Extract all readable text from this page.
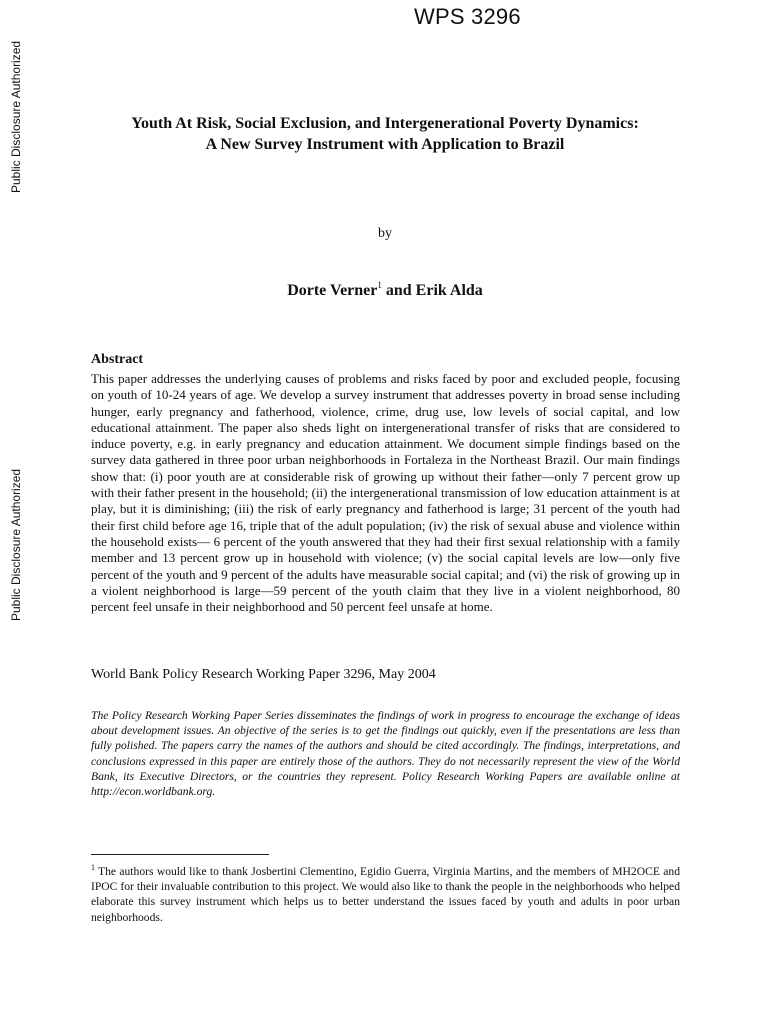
WPS 3296
Public Disclosure Authorized
Public Disclosure Authorized
Youth At Risk, Social Exclusion, and Intergenerational Poverty Dynamics:
A New Survey Instrument with Application to Brazil
by
Dorte Verner$^1$ and Erik Alda
Abstract
This paper addresses the underlying causes of problems and risks faced by poor and excluded people, focusing on youth of 10-24 years of age. We develop a survey instrument that addresses poverty in broad sense including hunger, early pregnancy and fatherhood, violence, crime, drug use, low levels of social capital, and low educational attainment. The paper also sheds light on intergenerational transfer of risks that are considered to induce poverty, e.g. in early pregnancy and education attainment. We document simple findings based on the survey data gathered in three poor urban neighborhoods in Fortaleza in the Northeast Brazil. Our main findings show that: (i) poor youth are at considerable risk of growing up without their father—only 7 percent grow up with their father present in the household; (ii) the intergenerational transmission of low education attainment is at play, but it is diminishing; (iii) the risk of early pregnancy and fatherhood is large; 31 percent of the youth had their first child before age 16, triple that of the adult population; (iv) the risk of sexual abuse and violence within the household exists— 6 percent of the youth answered that they had their first sexual relationship with a family member and 13 percent grow up in household with violence; (v) the social capital levels are low—only five percent of the youth and 9 percent of the adults have measurable social capital; and (vi) the risk of growing up in a violent neighborhood is large—59 percent of the youth claim that they live in a violent neighborhood, 80 percent feel unsafe in their neighborhood and 50 percent feel unsafe at home.
World Bank Policy Research Working Paper 3296, May 2004
The Policy Research Working Paper Series disseminates the findings of work in progress to encourage the exchange of ideas about development issues. An objective of the series is to get the findings out quickly, even if the presentations are less than fully polished. The papers carry the names of the authors and should be cited accordingly. The findings, interpretations, and conclusions expressed in this paper are entirely those of the authors. They do not necessarily represent the view of the World Bank, its Executive Directors, or the countries they represent. Policy Research Working Papers are available online at http://econ.worldbank.org.
$^1$ The authors would like to thank Josbertini Clementino, Egidio Guerra, Virginia Martins, and the members of MH2OCE and IPOC for their invaluable contribution to this project. We would also like to thank the people in the neighborhoods who helped elaborate this survey instrument which helps us to better understand the issues faced by youth and adults in poor urban neighborhoods.
